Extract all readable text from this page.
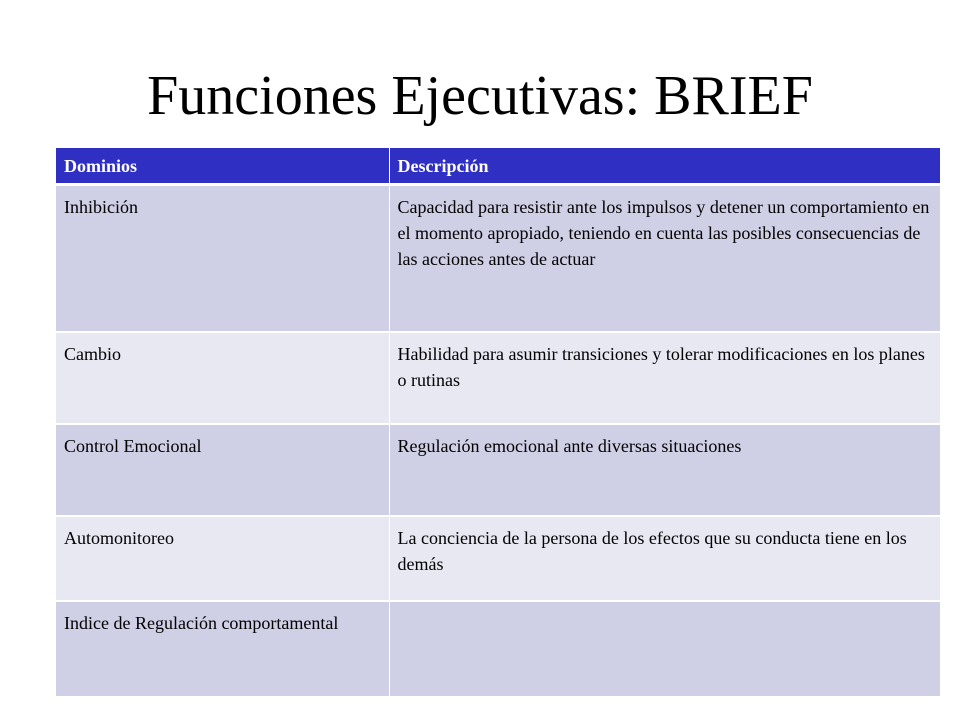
Funciones Ejecutivas: BRIEF
Dominios	Descripción
Inhibición	Capacidad para resistir ante los impulsos y detener un comportamiento en el momento apropiado, teniendo en cuenta las posibles consecuencias de las acciones antes de actuar
Cambio	Habilidad para asumir transiciones y tolerar modificaciones en los planes o rutinas
Control Emocional	Regulación emocional ante diversas situaciones
Automonitoreo	La conciencia de la persona de los efectos que su conducta tiene en los demás
Indice de Regulación comportamental	
